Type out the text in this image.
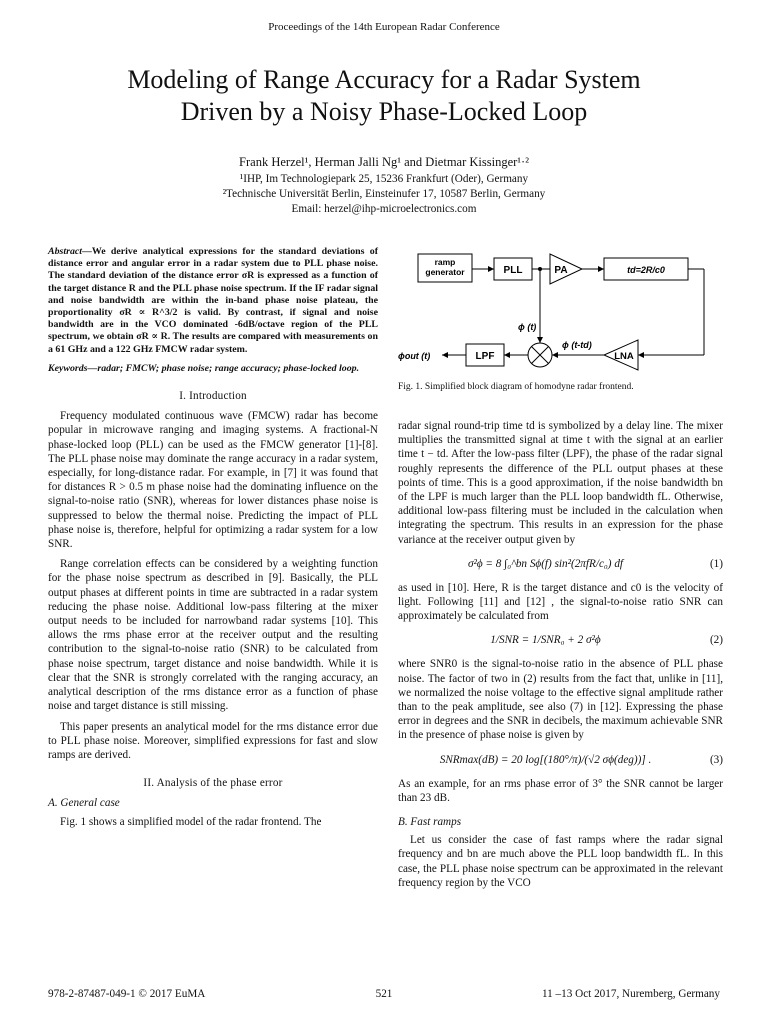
Proceedings of the 14th European Radar Conference
Modeling of Range Accuracy for a Radar System
Driven by a Noisy Phase-Locked Loop
Frank Herzel¹, Herman Jalli Ng¹ and Dietmar Kissinger¹·²
¹IHP, Im Technologiepark 25, 15236 Frankfurt (Oder), Germany
²Technische Universität Berlin, Einsteinufer 17, 10587 Berlin, Germany
Email: herzel@ihp-microelectronics.com

Abstract—We derive analytical expressions for the standard deviations of distance error and angular error in a radar system due to PLL phase noise. The standard deviation of the distance error σR is expressed as a function of the target distance R and the PLL phase noise spectrum. If the IF radar signal and noise bandwidth are within the in-band phase noise plateau, the proportionality σR ∝ R^3/2 is valid. By contrast, if signal and noise bandwidth are in the VCO dominated -6dB/octave region of the PLL spectrum, we obtain σR ∝ R. The results are compared with measurements on a 61 GHz and a 122 GHz FMCW radar system.

Keywords—radar; FMCW; phase noise; range accuracy; phase-locked loop.

I. Introduction

Frequency modulated continuous wave (FMCW) radar has become popular in microwave ranging and imaging systems. A fractional-N phase-locked loop (PLL) can be used as the FMCW generator [1]-[8]. The PLL phase noise may dominate the range accuracy in a radar system, especially, for long-distance radar. For example, in [7] it was found that for distances R > 0.5 m phase noise had the dominating influence on the signal-to-noise ratio (SNR), whereas for lower distances phase noise is suppressed to below the thermal noise. Predicting the impact of PLL phase noise is, therefore, helpful for optimizing a radar system for a low SNR.

Range correlation effects can be considered by a weighting function for the phase noise spectrum as described in [9]. Basically, the PLL output phases at different points in time are subtracted in a radar system reducing the phase noise. Additional low-pass filtering at the mixer output needs to be included for narrowband radar systems [10]. This allows the rms phase error at the receiver output and the resulting contribution to the signal-to-noise ratio (SNR) to be calculated from phase noise spectrum, target distance and noise bandwidth. While it is clear that the SNR is strongly correlated with the ranging accuracy, an analytical description of the rms distance error as a function of phase noise and target distance is still missing.

This paper presents an analytical model for the rms distance error due to PLL phase noise. Moreover, simplified expressions for fast and slow ramps are derived.

II. Analysis of the phase error
A. General case

Fig. 1 shows a simplified model of the radar frontend. The

ramp
generator	PLL	PA	td=2R/c0
LPF	LNA
ϕ (t)
ϕ (t-td)
ϕout (t)
Fig. 1. Simplified block diagram of homodyne radar frontend.

radar signal round-trip time td is symbolized by a delay line. The mixer multiplies the transmitted signal at time t with the signal at an earlier time t − td. After the low-pass filter (LPF), the phase of the radar signal roughly represents the difference of the PLL output phases at these points of time. This is a good approximation, if the noise bandwidth bn of the LPF is much larger than the PLL loop bandwidth fL. Otherwise, additional low-pass filtering must be included in the calculation when integrating the spectrum. This results in an expression for the phase variance at the receiver output given by

σ²ϕ = 8 ∫₀^bn Sϕ(f) sin²(2πfR/c₀) df	(1)

as used in [10]. Here, R is the target distance and c0 is the velocity of light. Following [11] and [12] , the signal-to-noise ratio SNR can approximately be calculated from

1/SNR = 1/SNR₀ + 2 σ²ϕ	(2)

where SNR0 is the signal-to-noise ratio in the absence of PLL phase noise. The factor of two in (2) results from the fact that, unlike in [11], we normalized the noise voltage to the effective signal amplitude rather than to the peak amplitude, see also (7) in [12]. Expressing the phase error in degrees and the SNR in decibels, the maximum achievable SNR in the presence of phase noise is given by

SNRmax(dB) = 20 log[(180°/π)/(√2 σϕ(deg))] .	(3)

As an example, for an rms phase error of 3° the SNR cannot be larger than 23 dB.

B. Fast ramps

Let us consider the case of fast ramps where the radar signal frequency and bn are much above the PLL loop bandwidth fL. In this case, the PLL phase noise spectrum can be approximated in the relevant frequency region by the VCO

978-2-87487-049-1 © 2017 EuMA	521	11 –13 Oct 2017, Nuremberg, Germany
